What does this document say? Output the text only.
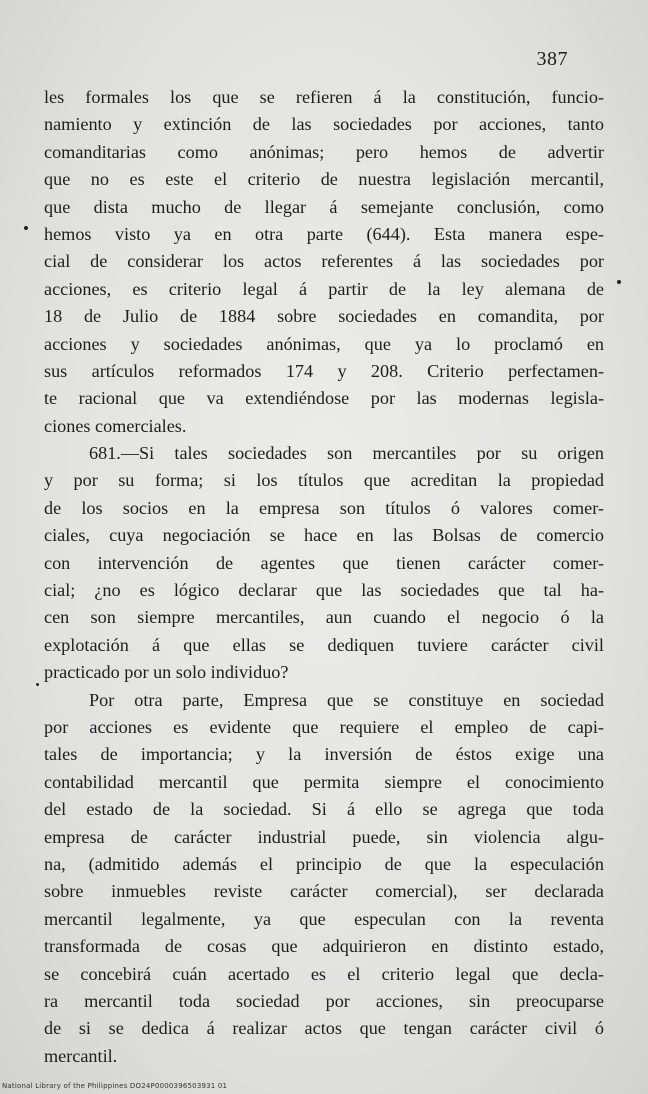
387
les formales los que se refieren á la constitución, funcio-
namiento y extinción de las sociedades por acciones, tanto
comanditarias como anónimas; pero hemos de advertir
que no es este el criterio de nuestra legislación mercantil,
que dista mucho de llegar á semejante conclusión, como
hemos visto ya en otra parte (644). Esta manera espe-
cial de considerar los actos referentes á las sociedades por
acciones, es criterio legal á partir de la ley alemana de
18 de Julio de 1884 sobre sociedades en comandita, por
acciones y sociedades anónimas, que ya lo proclamó en
sus artículos reformados 174 y 208. Criterio perfectamen-
te racional que va extendiéndose por las modernas legisla-
ciones comerciales.
681.—Si tales sociedades son mercantiles por su origen
y por su forma; si los títulos que acreditan la propiedad
de los socios en la empresa son títulos ó valores comer-
ciales, cuya negociación se hace en las Bolsas de comercio
con intervención de agentes que tienen carácter comer-
cial; ¿no es lógico declarar que las sociedades que tal ha-
cen son siempre mercantiles, aun cuando el negocio ó la
explotación á que ellas se dediquen tuviere carácter civil
practicado por un solo individuo?
Por otra parte, Empresa que se constituye en sociedad
por acciones es evidente que requiere el empleo de capi-
tales de importancia; y la inversión de éstos exige una
contabilidad mercantil que permita siempre el conocimiento
del estado de la sociedad. Si á ello se agrega que toda
empresa de carácter industrial puede, sin violencia algu-
na, (admitido además el principio de que la especulación
sobre inmuebles reviste carácter comercial), ser declarada
mercantil legalmente, ya que especulan con la reventa
transformada de cosas que adquirieron en distinto estado,
se concebirá cuán acertado es el criterio legal que decla-
ra mercantil toda sociedad por acciones, sin preocuparse
de si se dedica á realizar actos que tengan carácter civil ó
mercantil.
National Library of the Philippines DO24P0000396503931 01
